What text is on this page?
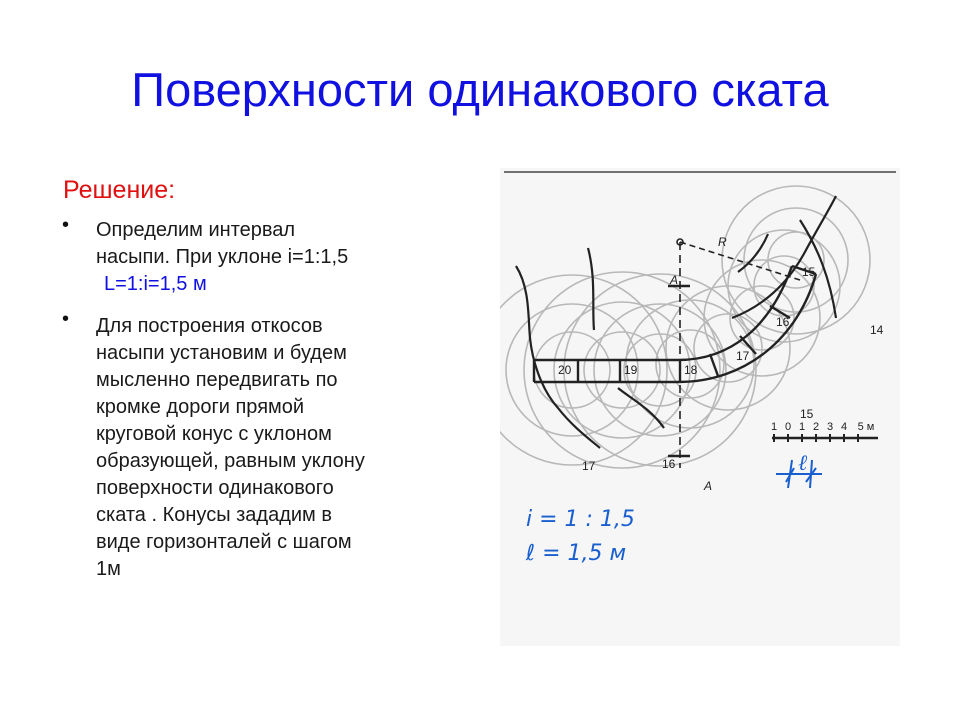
Поверхности одинакового ската
Решение:
• Определим интервал
насыпи. При уклоне i=1:1,5
L=1:i=1,5 м
• Для построения откосов
насыпи установим и будем
мысленно передвигать по
кромке дороги прямой
круговой конус с уклоном
образующей, равным уклону
поверхности одинакового
ската . Конусы зададим в
виде горизонталей с шагом
1м
20	19	18
17
16
15
14
17	16
15
R
A
A
1 0 1 2 3 4 5 м
ℓ
i = 1 : 1,5
ℓ = 1,5 м
